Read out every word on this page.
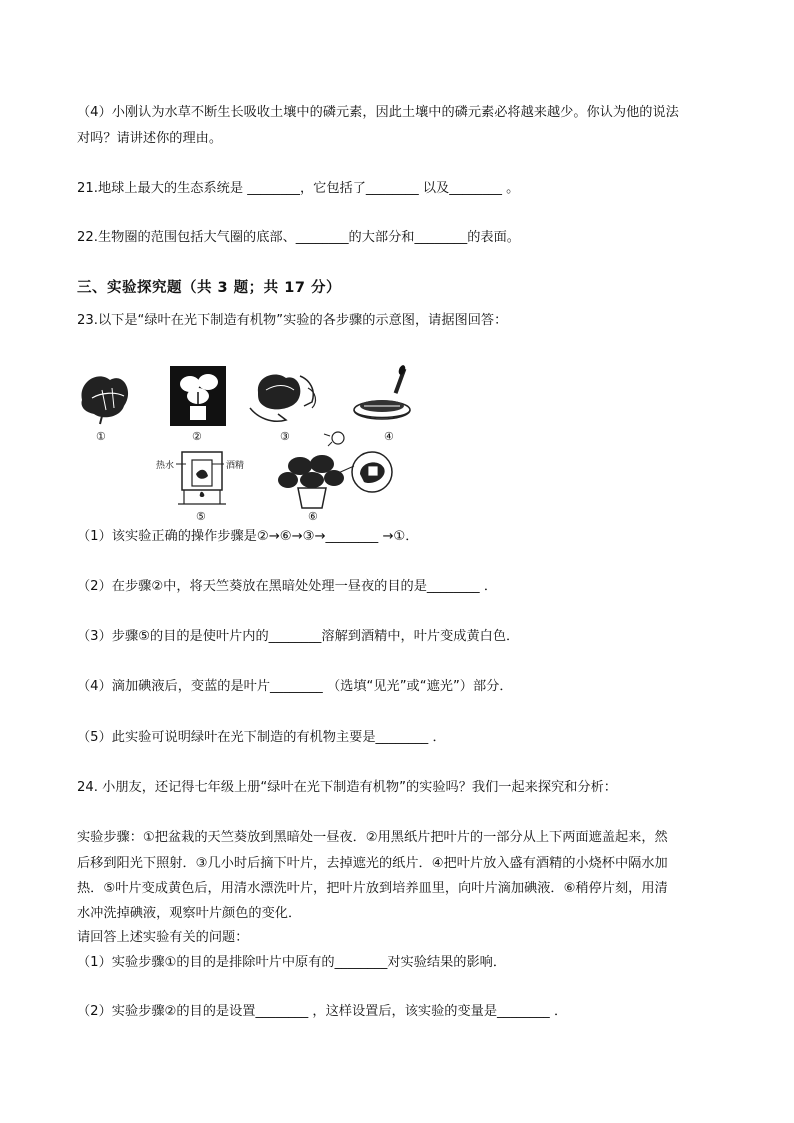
（4）小刚认为水草不断生长吸收土壤中的磷元素，因此土壤中的磷元素必将越来越少。你认为他的说法
对吗？请讲述你的理由。
21.地球上最大的生态系统是 ________，它包括了________ 以及________ 。
22.生物圈的范围包括大气圈的底部、________的大部分和________的表面。
三、实验探究题（共 3 题；共 17 分）
23.以下是“绿叶在光下制造有机物”实验的各步骤的示意图，请据图回答：
①	②	③	④
热水	酒精
⑤	⑥
（1）该实验正确的操作步骤是②→⑥→③→________ →①．
（2）在步骤②中，将天竺葵放在黑暗处处理一昼夜的目的是________ ．
（3）步骤⑤的目的是使叶片内的________溶解到酒精中，叶片变成黄白色．
（4）滴加碘液后，变蓝的是叶片________ （选填“见光”或“遮光”）部分．
（5）此实验可说明绿叶在光下制造的有机物主要是________ ．
24. 小朋友，还记得七年级上册“绿叶在光下制造有机物”的实验吗？我们一起来探究和分析：
实验步骤：①把盆栽的天竺葵放到黑暗处一昼夜．②用黑纸片把叶片的一部分从上下两面遮盖起来，然
后移到阳光下照射．③几小时后摘下叶片，去掉遮光的纸片．④把叶片放入盛有酒精的小烧杯中隔水加
热．⑤叶片变成黄色后，用清水漂洗叶片，把叶片放到培养皿里，向叶片滴加碘液．⑥稍停片刻，用清
水冲洗掉碘液，观察叶片颜色的变化．
请回答上述实验有关的问题：
（1）实验步骤①的目的是排除叶片中原有的________对实验结果的影响．
（2）实验步骤②的目的是设置________ ，这样设置后，该实验的变量是________ ．
